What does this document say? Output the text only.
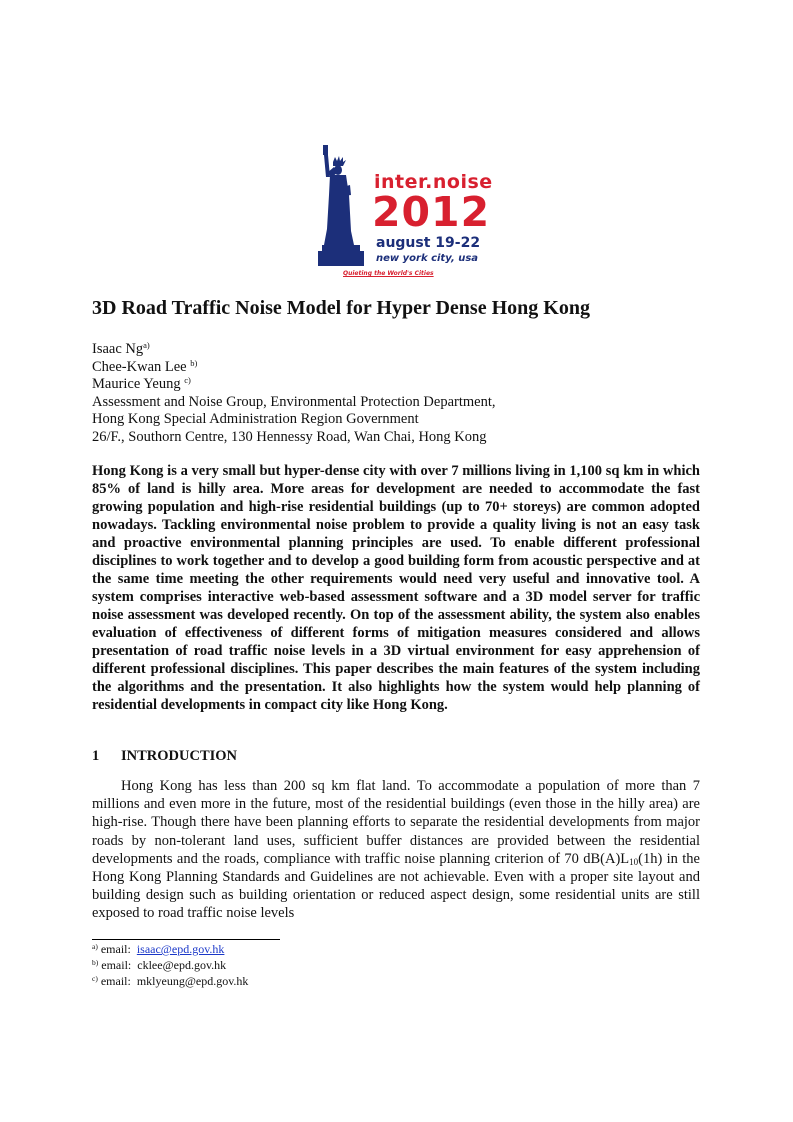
inter.noise
2012
august 19-22
new york city, usa
Quieting the World's Cities
3D Road Traffic Noise Model for Hyper Dense Hong Kong
Isaac Ng$^{a)}$
Chee-Kwan Lee $^{b)}$
Maurice Yeung $^{c)}$
Assessment and Noise Group, Environmental Protection Department,
Hong Kong Special Administration Region Government
26/F., Southorn Centre, 130 Hennessy Road, Wan Chai, Hong Kong

Hong Kong is a very small but hyper-dense city with over 7 millions living in 1,100 sq km in which 85% of land is hilly area. More areas for development are needed to accommodate the fast growing population and high-rise residential buildings (up to 70+ storeys) are common adopted nowadays. Tackling environmental noise problem to provide a quality living is not an easy task and proactive environmental planning principles are used. To enable different professional disciplines to work together and to develop a good building form from acoustic perspective and at the same time meeting the other requirements would need very useful and innovative tool. A system comprises interactive web-based assessment software and a 3D model server for traffic noise assessment was developed recently. On top of the assessment ability, the system also enables evaluation of effectiveness of different forms of mitigation measures considered and allows presentation of road traffic noise levels in a 3D virtual environment for easy apprehension of different professional disciplines. This paper describes the main features of the system including the algorithms and the presentation. It also highlights how the system would help planning of residential developments in compact city like Hong Kong.

1 INTRODUCTION

Hong Kong has less than 200 sq km flat land. To accommodate a population of more than 7 millions and even more in the future, most of the residential buildings (even those in the hilly area) are high-rise. Though there have been planning efforts to separate the residential developments from major roads by non-tolerant land uses, sufficient buffer distances are provided between the residential developments and the roads, compliance with traffic noise planning criterion of 70 $dB(A)L_{10}(1h)$ in the Hong Kong Planning Standards and Guidelines are not achievable. Even with a proper site layout and building design such as building orientation or reduced aspect design, some residential units are still exposed to road traffic noise levels

$^{a)}$ email: isaac@epd.gov.hk
$^{b)}$ email: cklee@epd.gov.hk
$^{c)}$ email: mklyeung@epd.gov.hk
